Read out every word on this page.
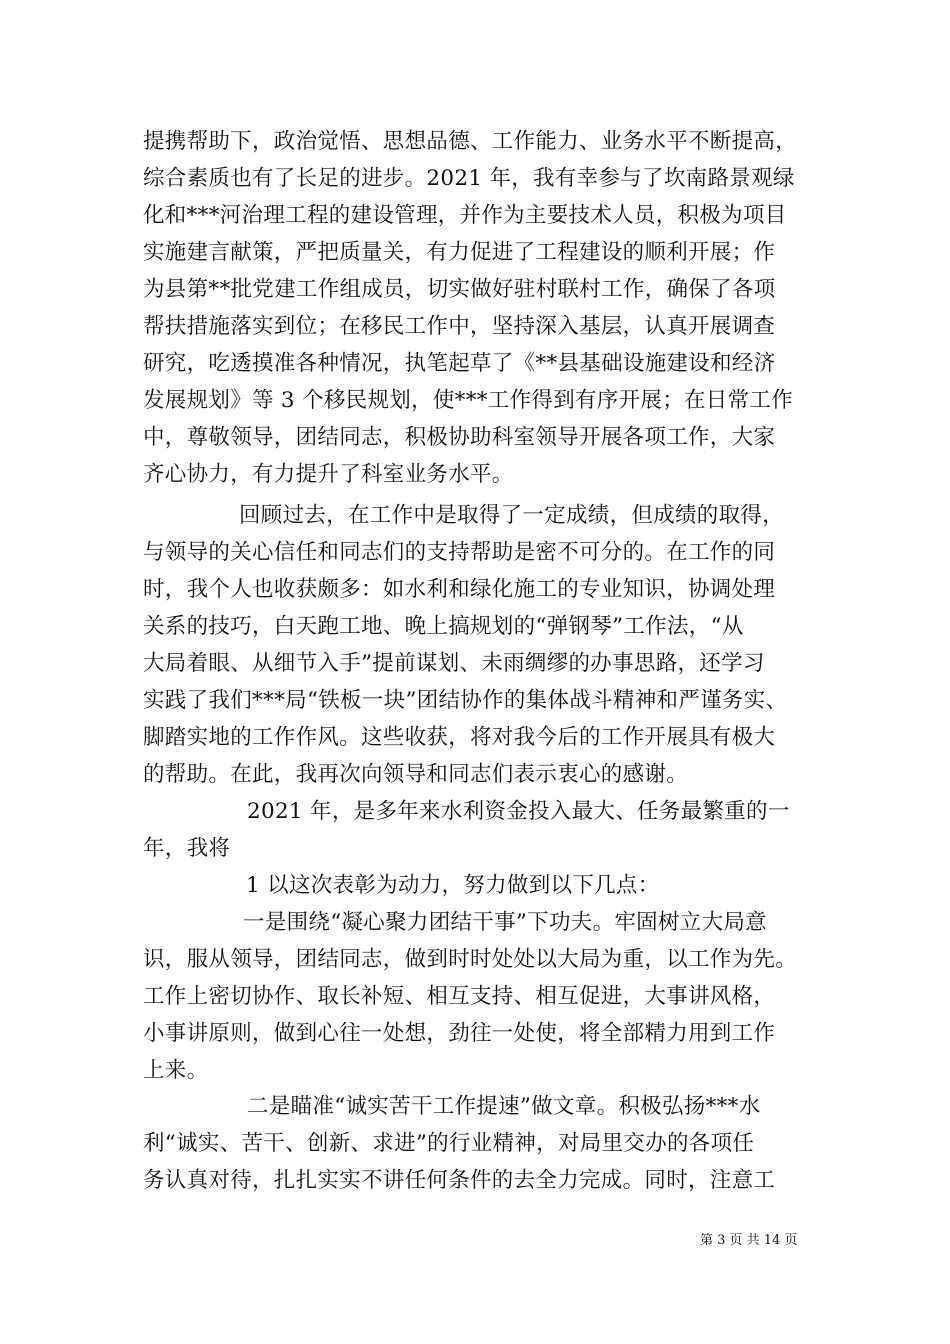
提携帮助下，政治觉悟、思想品德、工作能力、业务水平不断提高，
综合素质也有了长足的进步。2021 年，我有幸参与了坎南路景观绿
化和***河治理工程的建设管理，并作为主要技术人员，积极为项目
实施建言献策，严把质量关，有力促进了工程建设的顺利开展；作
为县第**批党建工作组成员，切实做好驻村联村工作，确保了各项
帮扶措施落实到位；在移民工作中，坚持深入基层，认真开展调查
研究，吃透摸准各种情况，执笔起草了《**县基础设施建设和经济
发展规划》等 3 个移民规划，使***工作得到有序开展；在日常工作
中，尊敬领导，团结同志，积极协助科室领导开展各项工作，大家
齐心协力，有力提升了科室业务水平。
回顾过去，在工作中是取得了一定成绩，但成绩的取得，
与领导的关心信任和同志们的支持帮助是密不可分的。在工作的同
时，我个人也收获颇多：如水利和绿化施工的专业知识，协调处理
关系的技巧，白天跑工地、晚上搞规划的“弹钢琴”工作法，“从
大局着眼、从细节入手”提前谋划、未雨绸缪的办事思路，还学习
实践了我们***局“铁板一块”团结协作的集体战斗精神和严谨务实、
脚踏实地的工作作风。这些收获，将对我今后的工作开展具有极大
的帮助。在此，我再次向领导和同志们表示衷心的感谢。
2021 年，是多年来水利资金投入最大、任务最繁重的一
年，我将
1 以这次表彰为动力，努力做到以下几点：
一是围绕“凝心聚力团结干事”下功夫。牢固树立大局意
识，服从领导，团结同志，做到时时处处以大局为重，以工作为先。
工作上密切协作、取长补短、相互支持、相互促进，大事讲风格，
小事讲原则，做到心往一处想，劲往一处使，将全部精力用到工作
上来。
二是瞄准“诚实苦干工作提速”做文章。积极弘扬***水
利“诚实、苦干、创新、求进”的行业精神，对局里交办的各项任
务认真对待，扎扎实实不讲任何条件的去全力完成。同时，注意工
第 3 页 共 14 页
